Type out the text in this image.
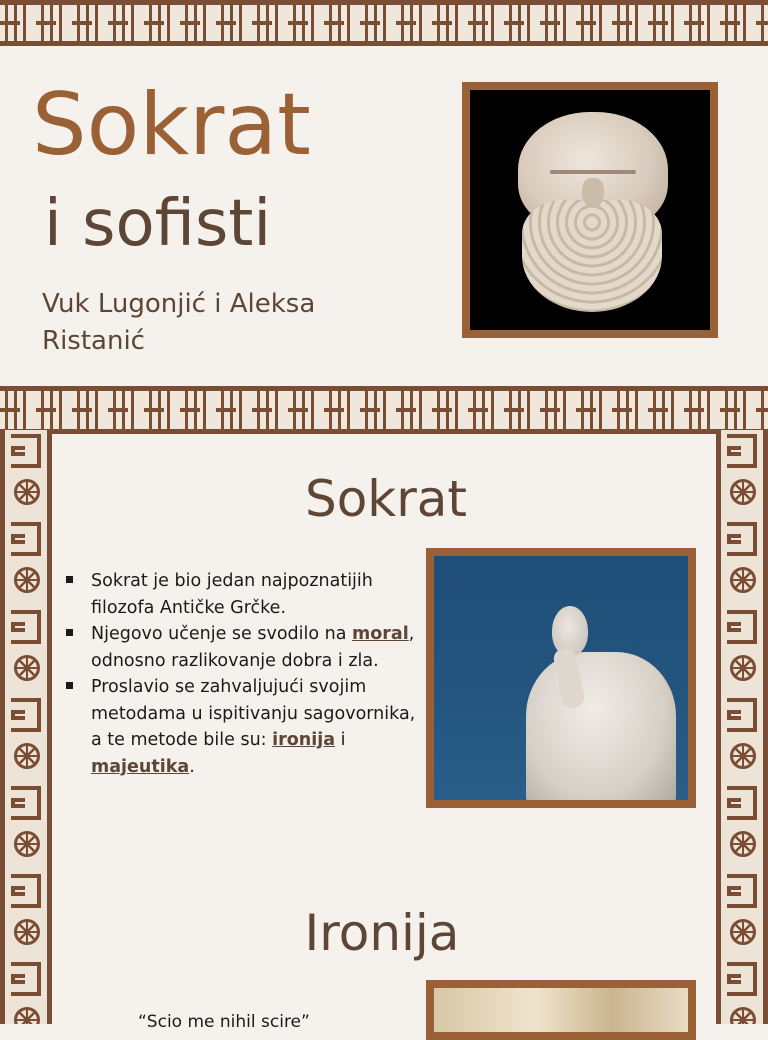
Sokrat
i sofisti

Vuk Lugonjić i Aleksa Ristanić

Sokrat
Sokrat je bio jedan najpoznatijih filozofa Antičke Grčke.
Njegovo učenje se svodilo na moral, odnosno razlikovanje dobra i zla.
Proslavio se zahvaljujući svojim metodama u ispitivanju sagovornika, a te metode bile su: ironija i majeutika.
Ironija

“Scio me nihil scire”
